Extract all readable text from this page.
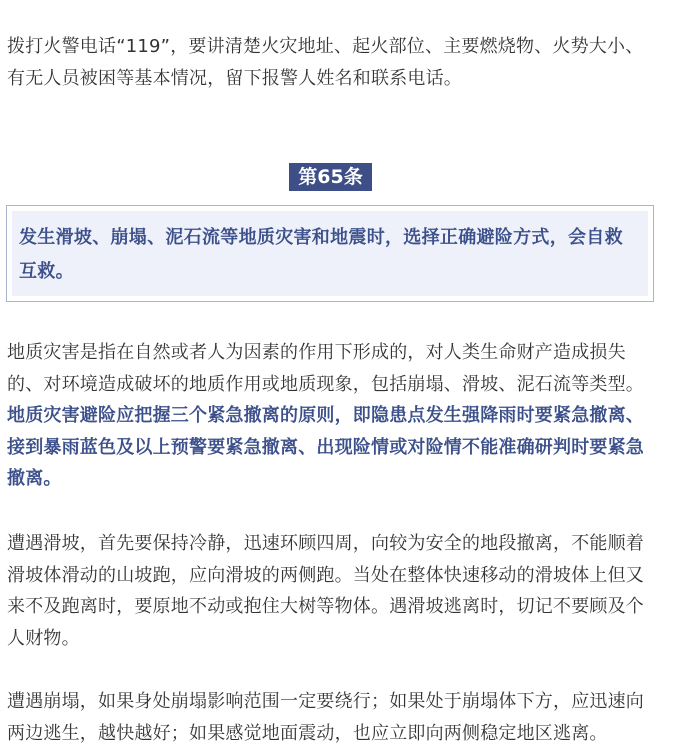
拨打火警电话“119”，要讲清楚火灾地址、起火部位、主要燃烧物、火势大小、有无人员被困等基本情况，留下报警人姓名和联系电话。

第65条

发生滑坡、崩塌、泥石流等地质灾害和地震时，选择正确避险方式，会自救互救。

地质灾害是指在自然或者人为因素的作用下形成的，对人类生命财产造成损失的、对环境造成破坏的地质作用或地质现象，包括崩塌、滑坡、泥石流等类型。地质灾害避险应把握三个紧急撤离的原则，即隐患点发生强降雨时要紧急撤离、接到暴雨蓝色及以上预警要紧急撤离、出现险情或对险情不能准确研判时要紧急撤离。

遭遇滑坡，首先要保持冷静，迅速环顾四周，向较为安全的地段撤离，不能顺着滑坡体滑动的山坡跑，应向滑坡的两侧跑。当处在整体快速移动的滑坡体上但又来不及跑离时，要原地不动或抱住大树等物体。遇滑坡逃离时，切记不要顾及个人财物。

遭遇崩塌，如果身处崩塌影响范围一定要绕行；如果处于崩塌体下方，应迅速向两边逃生，越快越好；如果感觉地面震动，也应立即向两侧稳定地区逃离。
